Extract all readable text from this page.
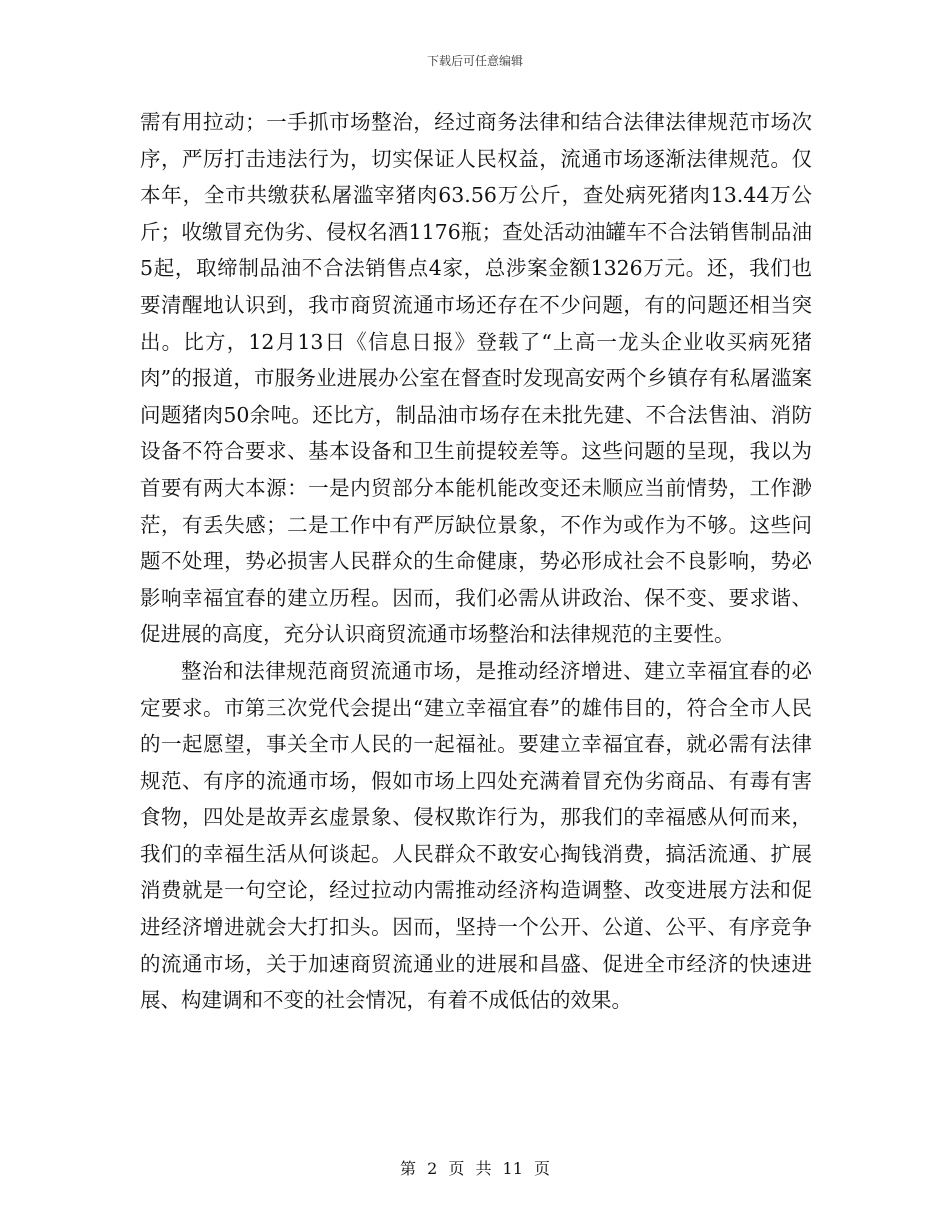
下载后可任意编辑

需有用拉动；一手抓市场整治，经过商务法律和结合法律法律规范市场次序，严厉打击违法行为，切实保证人民权益，流通市场逐渐法律规范。仅本年，全市共缴获私屠滥宰猪肉63.56万公斤，查处病死猪肉13.44万公斤；收缴冒充伪劣、侵权名酒1176瓶；查处活动油罐车不合法销售制品油5起，取缔制品油不合法销售点4家，总涉案金额1326万元。还，我们也要清醒地认识到，我市商贸流通市场还存在不少问题，有的问题还相当突出。比方，12月13日《信息日报》登载了“上高一龙头企业收买病死猪肉”的报道，市服务业进展办公室在督查时发现高安两个乡镇存有私屠滥案问题猪肉50余吨。还比方，制品油市场存在未批先建、不合法售油、消防设备不符合要求、基本设备和卫生前提较差等。这些问题的呈现，我以为首要有两大本源：一是内贸部分本能机能改变还未顺应当前情势，工作渺茫，有丢失感；二是工作中有严厉缺位景象，不作为或作为不够。这些问题不处理，势必损害人民群众的生命健康，势必形成社会不良影响，势必影响幸福宜春的建立历程。因而，我们必需从讲政治、保不变、要求谐、促进展的高度，充分认识商贸流通市场整治和法律规范的主要性。

整治和法律规范商贸流通市场，是推动经济增进、建立幸福宜春的必定要求。市第三次党代会提出“建立幸福宜春”的雄伟目的，符合全市人民的一起愿望，事关全市人民的一起福祉。要建立幸福宜春，就必需有法律规范、有序的流通市场，假如市场上四处充满着冒充伪劣商品、有毒有害食物，四处是故弄玄虚景象、侵权欺诈行为，那我们的幸福感从何而来，我们的幸福生活从何谈起。人民群众不敢安心掏钱消费，搞活流通、扩展消费就是一句空论，经过拉动内需推动经济构造调整、改变进展方法和促进经济增进就会大打扣头。因而，坚持一个公开、公道、公平、有序竞争的流通市场，关于加速商贸流通业的进展和昌盛、促进全市经济的快速进展、构建调和不变的社会情况，有着不成低估的效果。

第 2 页 共 11 页
